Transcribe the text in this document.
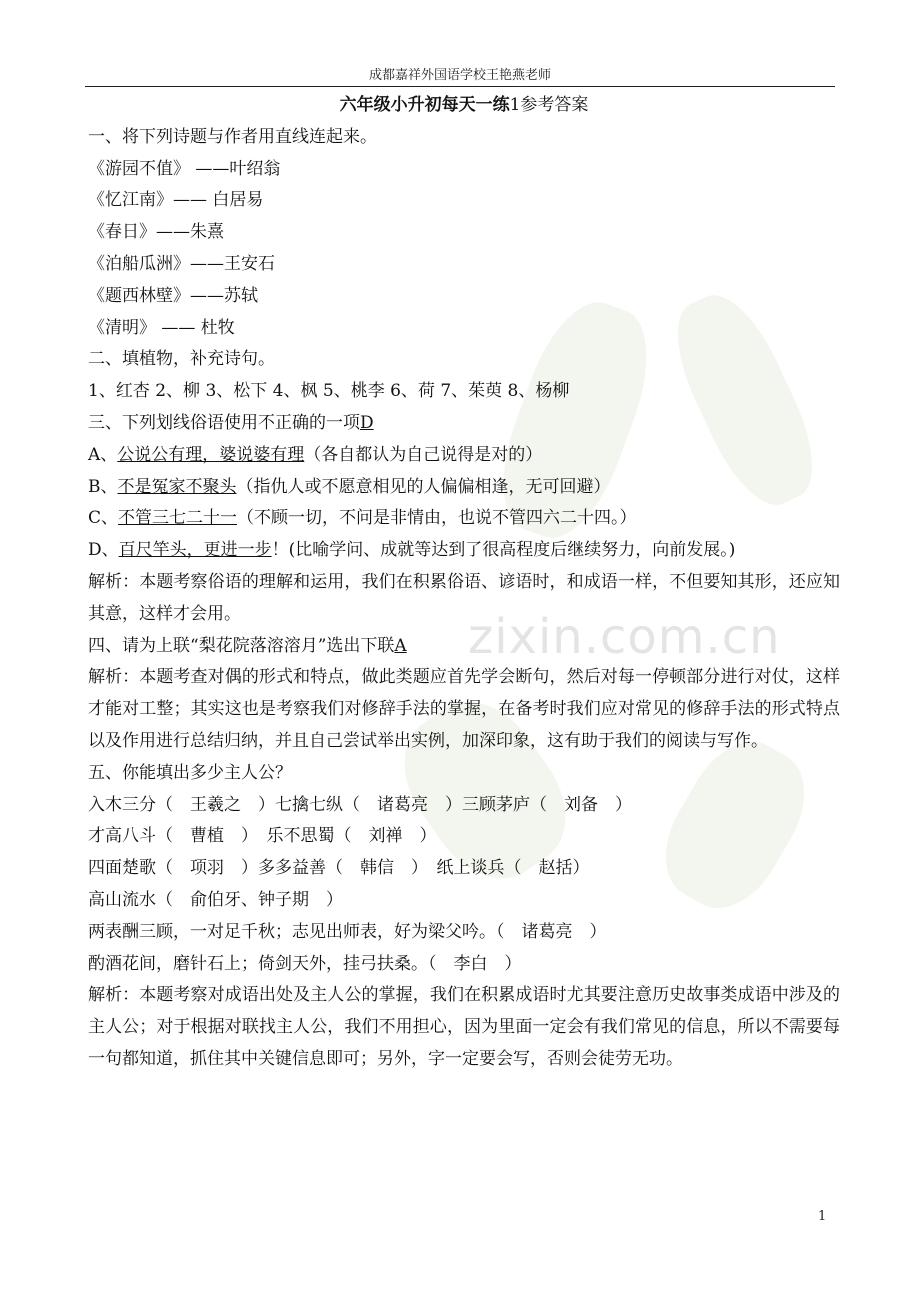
zixin.com.cn
成都嘉祥外国语学校王艳燕老师

六年级小升初每天一练1参考答案

一、将下列诗题与作者用直线连起来。

《游园不值》 ——叶绍翁

《忆江南》—— 白居易

《春日》——朱熹

《泊船瓜洲》——王安石

《题西林壁》——苏轼

《清明》 —— 杜牧

二、填植物，补充诗句。

1、红杏 2、柳 3、松下 4、枫 5、桃李 6、荷 7、茱萸 8、杨柳

三、下列划线俗语使用不正确的一项D

A、公说公有理，婆说婆有理（各自都认为自己说得是对的）

B、不是冤家不聚头（指仇人或不愿意相见的人偏偏相逢，无可回避）

C、不管三七二十一（不顾一切，不问是非情由，也说不管四六二十四。）

D、百尺竿头，更进一步！(比喻学问、成就等达到了很高程度后继续努力，向前发展。)

解析：本题考察俗语的理解和运用，我们在积累俗语、谚语时，和成语一样，不但要知其形，还应知其意，这样才会用。

四、请为上联“梨花院落溶溶月”选出下联A

解析：本题考查对偶的形式和特点，做此类题应首先学会断句，然后对每一停顿部分进行对仗，这样才能对工整；其实这也是考察我们对修辞手法的掌握，在备考时我们应对常见的修辞手法的形式特点以及作用进行总结归纳，并且自己尝试举出实例，加深印象，这有助于我们的阅读与写作。

五、你能填出多少主人公？

入木三分（　王羲之　）七擒七纵（　诸葛亮　）三顾茅庐（　刘备　）

才高八斗（　曹植　）　乐不思蜀（　刘禅　）

四面楚歌（　项羽　）多多益善（　韩信　）　纸上谈兵（　赵括）

高山流水（　俞伯牙、钟子期　）

两表酬三顾，一对足千秋；志见出师表，好为梁父吟。（　诸葛亮　）

酌酒花间，磨针石上；倚剑天外，挂弓扶桑。（　李白　）

解析：本题考察对成语出处及主人公的掌握，我们在积累成语时尤其要注意历史故事类成语中涉及的主人公；对于根据对联找主人公，我们不用担心，因为里面一定会有我们常见的信息，所以不需要每一句都知道，抓住其中关键信息即可；另外，字一定要会写，否则会徒劳无功。

1
